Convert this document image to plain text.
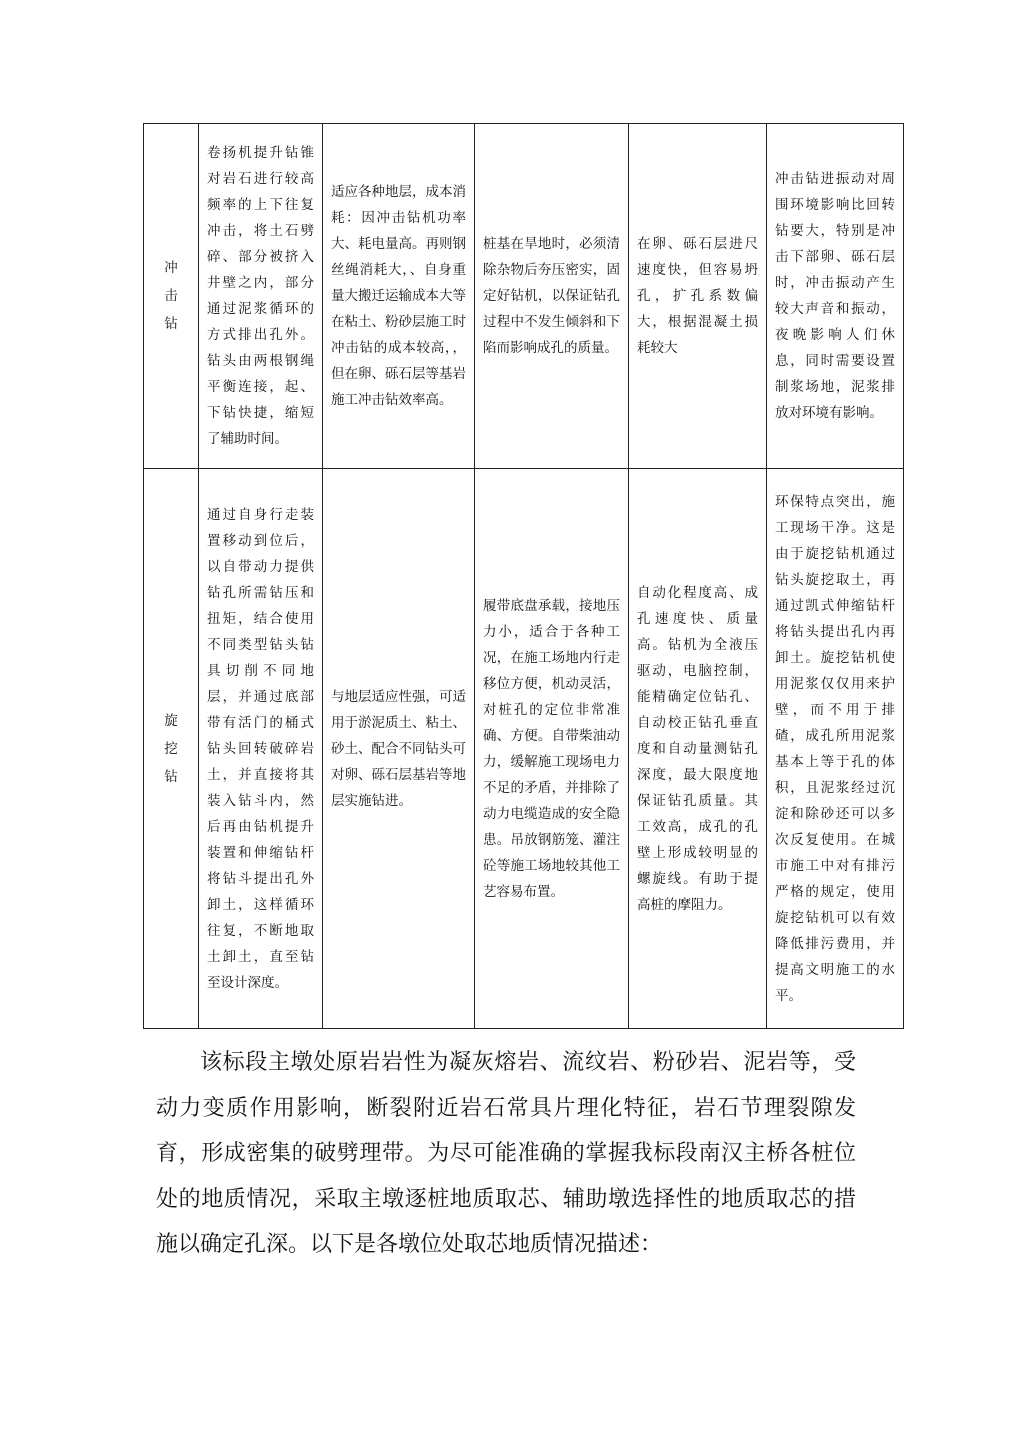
冲击钻	卷扬机提升钻锥对岩石进行较高频率的上下往复冲击，将土石劈碎、部分被挤入井壁之内，部分通过泥浆循环的方式排出孔外。钻头由两根钢绳平衡连接，起、下钻快捷，缩短了辅助时间。	适应各种地层，成本消耗：因冲击钻机功率大、耗电量高。再则钢丝绳消耗大，、自身重量大搬迁运输成本大等在粘土、粉砂层施工时冲击钻的成本较高，，但在卵、砾石层等基岩施工冲击钻效率高。	桩基在旱地时，必须清除杂物后夯压密实，固定好钻机，以保证钻孔过程中不发生倾斜和下陷而影响成孔的质量。	在卵、砾石层进尺速度快，但容易坍孔，扩孔系数偏大，根据混凝土损耗较大	冲击钻进振动对周围环境影响比回转钻要大，特别是冲击下部卵、砾石层时，冲击振动产生较大声音和振动，夜晚影响人们休息，同时需要设置制浆场地，泥浆排放对环境有影响。
旋挖钻	通过自身行走装置移动到位后，以自带动力提供钻孔所需钻压和扭矩，结合使用不同类型钻头钻具切削不同地层，并通过底部带有活门的桶式钻头回转破碎岩土，并直接将其装入钻斗内，然后再由钻机提升装置和伸缩钻杆将钻斗提出孔外卸土，这样循环往复，不断地取土卸土，直至钻至设计深度。	与地层适应性强，可适用于淤泥质土、粘土、砂土、配合不同钻头可对卵、砾石层基岩等地层实施钻进。	履带底盘承载，接地压力小，适合于各种工况，在施工场地内行走移位方便，机动灵活，对桩孔的定位非常准确、方便。自带柴油动力，缓解施工现场电力不足的矛盾，并排除了动力电缆造成的安全隐患。吊放钢筋笼、灌注砼等施工场地较其他工艺容易布置。	自动化程度高、成孔速度快、质量高。钻机为全液压驱动，电脑控制，能精确定位钻孔、自动校正钻孔垂直度和自动量测钻孔深度，最大限度地保证钻孔质量。其工效高，成孔的孔壁上形成较明显的螺旋线。有助于提高桩的摩阻力。	环保特点突出，施工现场干净。这是由于旋挖钻机通过钻头旋挖取土，再通过凯式伸缩钻杆将钻头提出孔内再卸土。旋挖钻机使用泥浆仅仅用来护壁，而不用于排碴，成孔所用泥浆基本上等于孔的体积，且泥浆经过沉淀和除砂还可以多次反复使用。在城市施工中对有排污严格的规定，使用旋挖钻机可以有效降低排污费用，并提高文明施工的水平。

该标段主墩处原岩岩性为凝灰熔岩、流纹岩、粉砂岩、泥岩等，受动力变质作用影响，断裂附近岩石常具片理化特征，岩石节理裂隙发育，形成密集的破劈理带。为尽可能准确的掌握我标段南汉主桥各桩位处的地质情况，采取主墩逐桩地质取芯、辅助墩选择性的地质取芯的措施以确定孔深。以下是各墩位处取芯地质情况描述：
